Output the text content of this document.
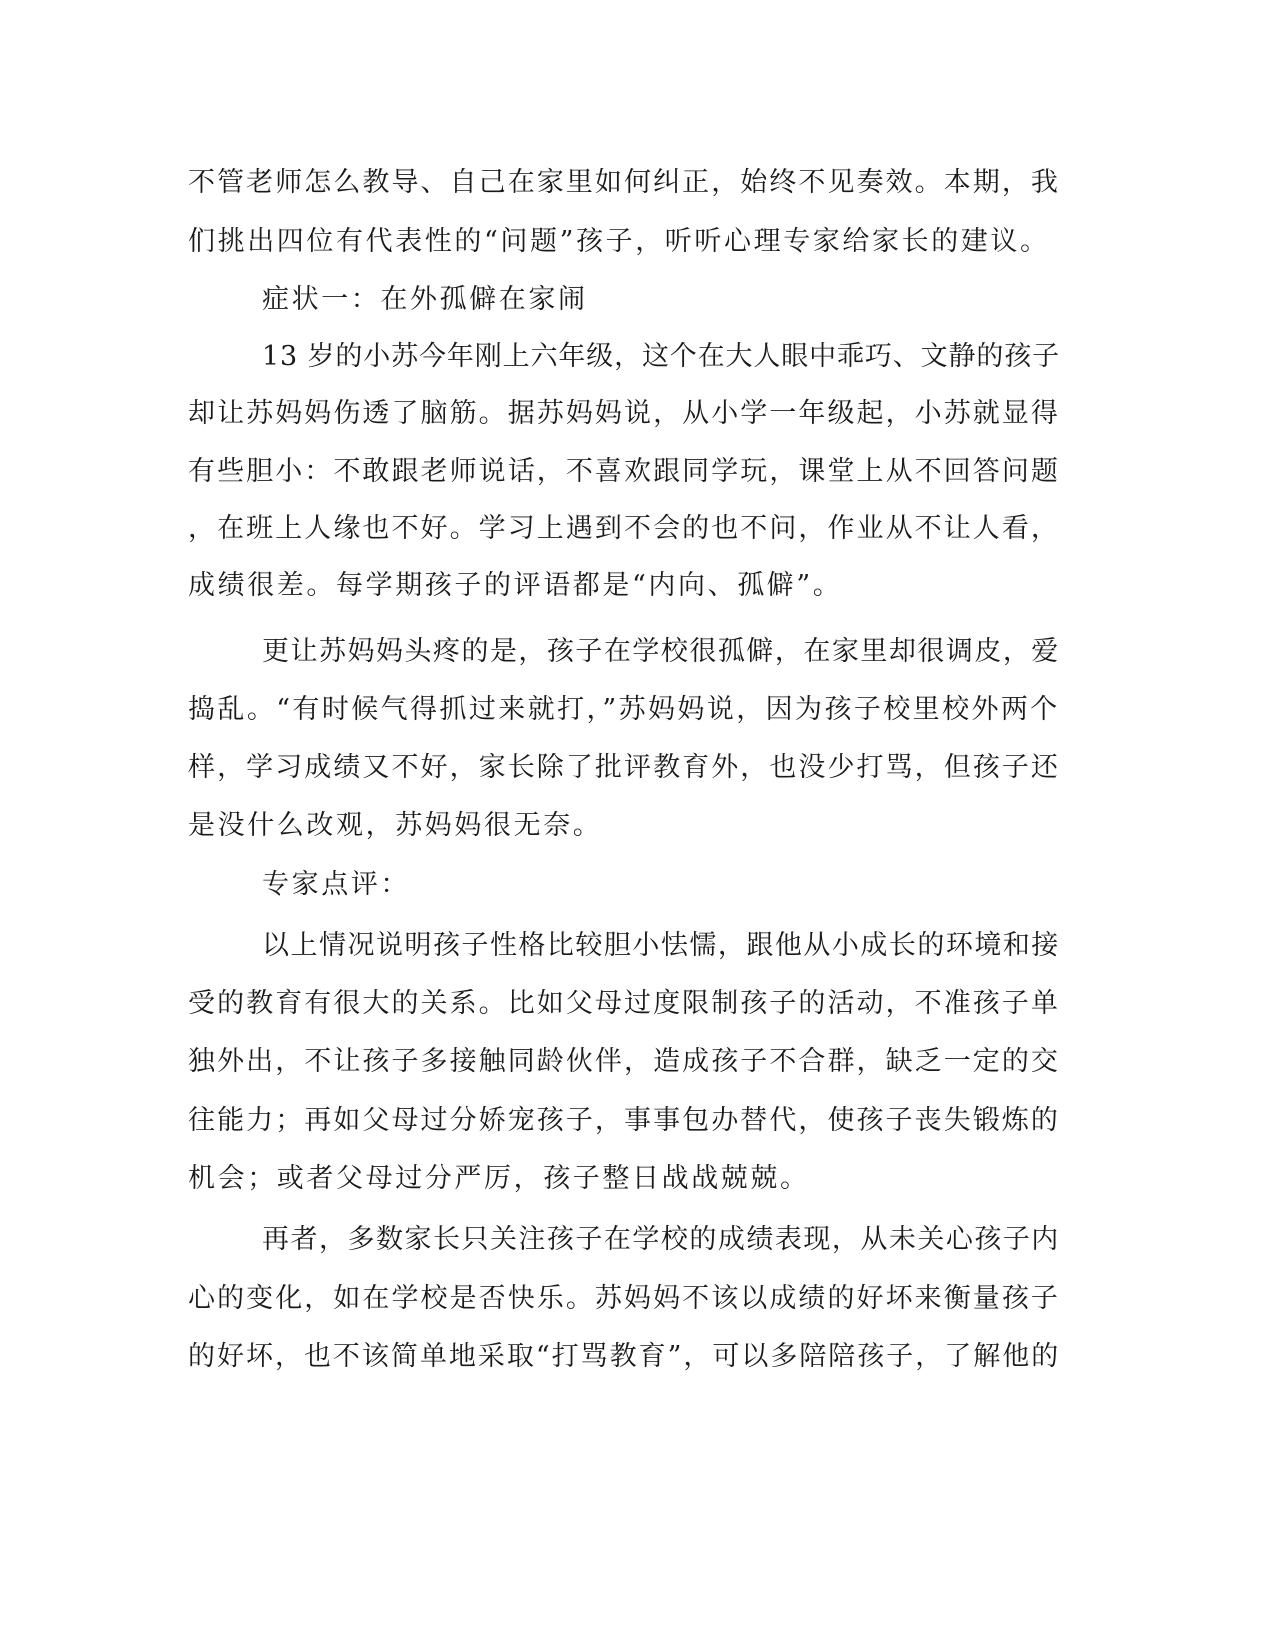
不管老师怎么教导、自己在家里如何纠正，始终不见奏效。本期，我
们挑出四位有代表性的“问题”孩子，听听心理专家给家长的建议。
症状一：在外孤僻在家闹
13 岁的小苏今年刚上六年级，这个在大人眼中乖巧、文静的孩子
却让苏妈妈伤透了脑筋。据苏妈妈说，从小学一年级起，小苏就显得
有些胆小：不敢跟老师说话，不喜欢跟同学玩，课堂上从不回答问题
，在班上人缘也不好。学习上遇到不会的也不问，作业从不让人看，
成绩很差。每学期孩子的评语都是“内向、孤僻”。
更让苏妈妈头疼的是，孩子在学校很孤僻，在家里却很调皮，爱
捣乱。“有时候气得抓过来就打，”苏妈妈说，因为孩子校里校外两个
样，学习成绩又不好，家长除了批评教育外，也没少打骂，但孩子还
是没什么改观，苏妈妈很无奈。
专家点评：
以上情况说明孩子性格比较胆小怯懦，跟他从小成长的环境和接
受的教育有很大的关系。比如父母过度限制孩子的活动，不准孩子单
独外出，不让孩子多接触同龄伙伴，造成孩子不合群，缺乏一定的交
往能力；再如父母过分娇宠孩子，事事包办替代，使孩子丧失锻炼的
机会；或者父母过分严厉，孩子整日战战兢兢。
再者，多数家长只关注孩子在学校的成绩表现，从未关心孩子内
心的变化，如在学校是否快乐。苏妈妈不该以成绩的好坏来衡量孩子
的好坏，也不该简单地采取“打骂教育”，可以多陪陪孩子，了解他的
